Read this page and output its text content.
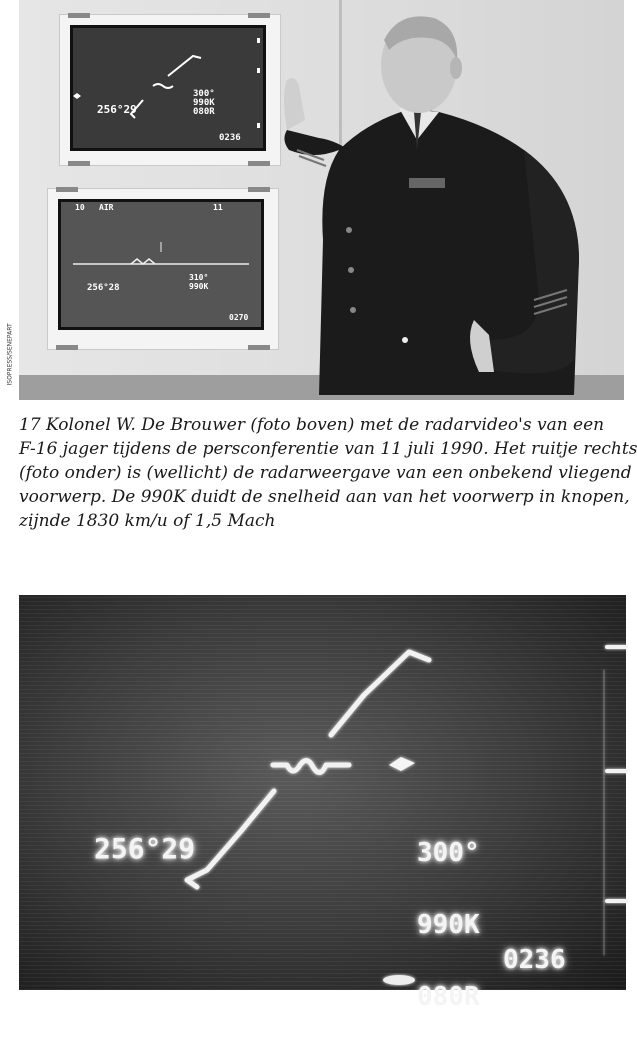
256°29
300°
990K
080R
0236
10 AIR	11
256°28
310°
990K
0270
ISOPRESS/SENEPART
17 Kolonel W. De Brouwer (foto boven) met de radarvideo's van een
F-16 jager tijdens de persconferentie van 11 juli 1990. Het ruitje rechts
(foto onder) is (wellicht) de radarweergave van een onbekend vliegend
voorwerp. De 990K duidt de snelheid aan van het voorwerp in knopen,
zijnde 1830 km/u of 1,5 Mach
256°29

	300°

990K

080R

0236
